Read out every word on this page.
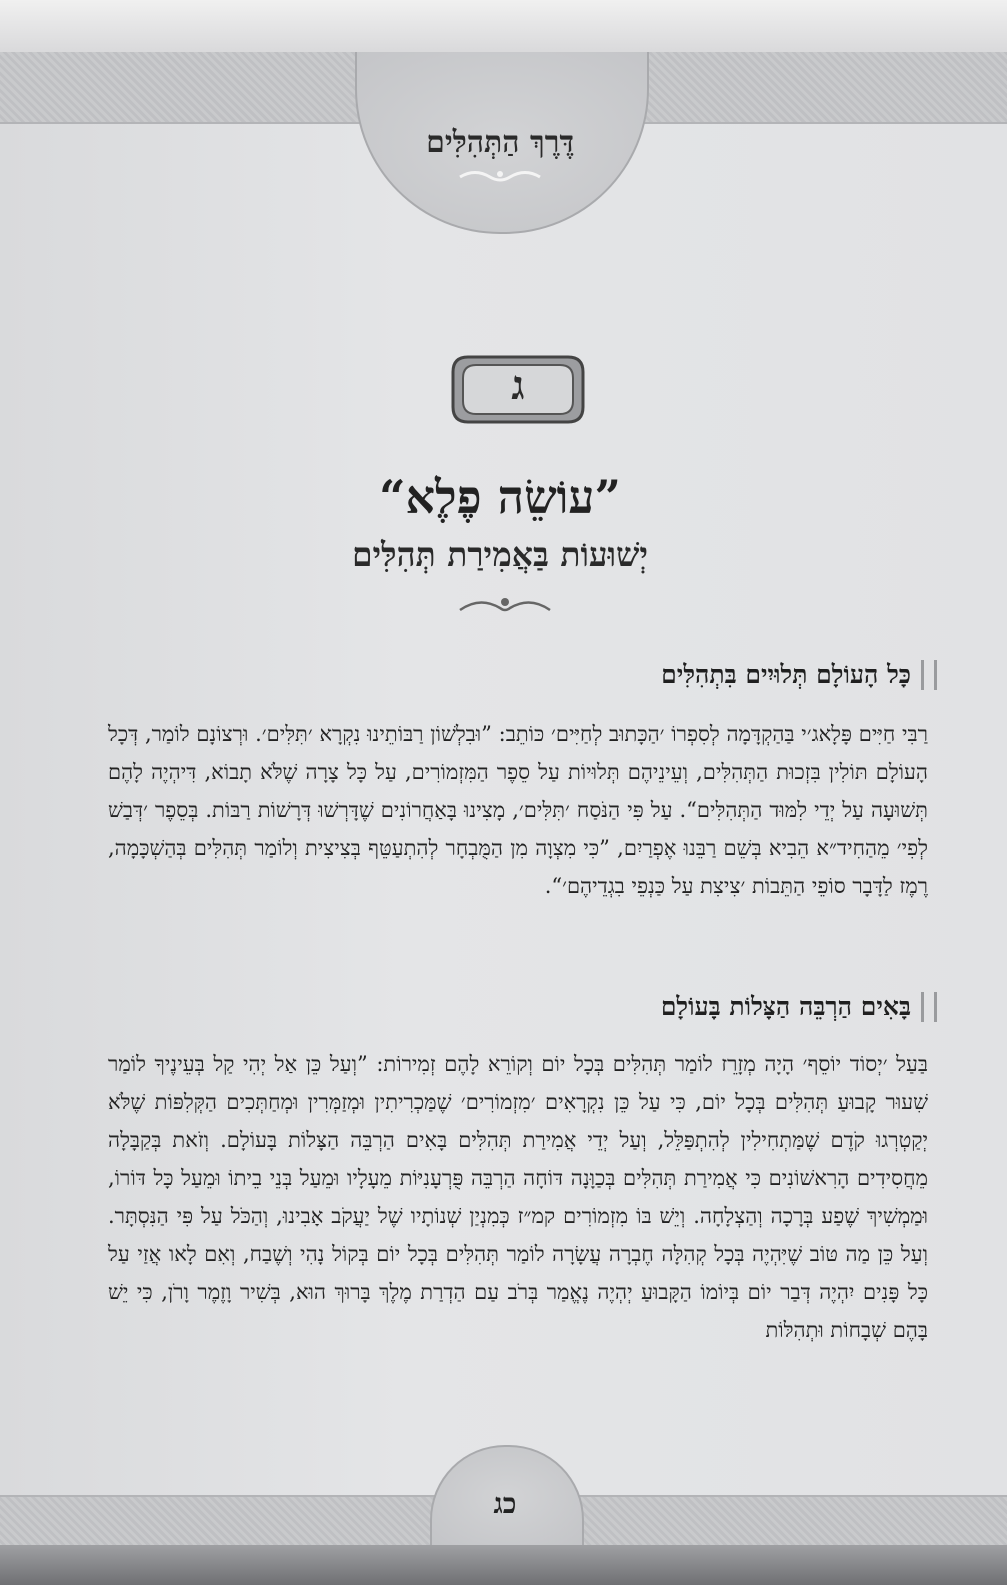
דֶּרֶךְ הַתְּהִלִּים
ג
”עוֹשֵׂה פֶלֶא“
יְשׁוּעוֹת בַּאֲמִירַת תְּהִלִּים
כָּל הָעוֹלָם תְּלוּיִים בִּתְהִלִּים
רַבִּי חַיִּים פָּלָאג׳י בַּהַקְדָּמָה לְסִפְרוֹ ׳הַכָּתוּב לְחַיִּים׳ כּוֹתֵב: ”וּבִלְשׁוֹן רַבּוֹתֵינוּ נִקְרָא ׳תִּלִּים׳. וּרְצוֹנָם לוֹמַר, דְּכָל הָעוֹלָם תּוֹלִין בִּזְכוּת הַתְּהִלִּים, וְעֵינֵיהֶם תְּלוּיוֹת עַל סֵפֶר הַמִּזְמוֹרִים, עַל כָּל צָרָה שֶׁלֹּא תָבוֹא, דִּיהְיֶה לָהֶם תְּשׁוּעָה עַל יְדֵי לִמּוּד הַתְּהִלִּים“. עַל פִּי הַנֹּסַח ׳תִּלִּים׳, מָצִינוּ בָּאַחֲרוֹנִים שֶׁדָּרְשׁוּ דְּרָשׁוֹת רַבּוֹת. בְּסֵפֶר ׳דְּבַשׁ לְפִי׳ מֵהַחִיד״א הֵבִיא בְּשֵׁם רַבֵּנוּ אֶפְרַיִם, ”כִּי מִצְוָה מִן הַמֻּבְחָר לְהִתְעַטֵּף בְּצִיצִית וְלוֹמַר תְּהִלִּים בְּהַשְׁכָּמָה, רֶמֶז לַדָּבָר סוֹפֵי הַתֵּבוֹת ׳צִיצִת עַל כַּנְפֵי בִגְדֵיהֶם׳“.
בָּאִים הַרְבֵּה הַצָּלוֹת בָּעוֹלָם
בַּעַל ׳יְסוֹד יוֹסֵף׳ הָיָה מְזָרֵז לוֹמַר תְּהִלִּים בְּכָל יוֹם וְקוֹרֵא לָהֶם זְמִירוֹת: ”וְעַל כֵּן אַל יְהִי קַל בְּעֵינֶיךָ לוֹמַר שִׁעוּר קָבוּעַ תְּהִלִּים בְּכָל יוֹם, כִּי עַל כֵּן נִקְרָאִים ׳מִזְמוֹרִים׳ שֶׁמַּכְרִיתִין וּמְזַמְּרִין וּמְחַתְּכִים הַקְּלִפּוֹת שֶׁלֹּא יְקַטְרְגוּ קֹדֶם שֶׁמַּתְחִילִין לְהִתְפַּלֵּל, וְעַל יְדֵי אֲמִירַת תְּהִלִּים בָּאִים הַרְבֵּה הַצָּלוֹת בָּעוֹלָם. וְזֹאת בְּקַבָּלָה מֵחֲסִידִים הָרִאשׁוֹנִים כִּי אֲמִירַת תְּהִלִּים בְּכַוָּנָה דּוֹחָה הַרְבֵּה פֻּרְעָנִיּוֹת מֵעָלָיו וּמֵעַל בְּנֵי בֵיתוֹ וּמֵעַל כָּל דּוֹרוֹ, וּמַמְשִׁיךְ שֶׁפַע בְּרָכָה וְהַצְלָחָה. וְיֵשׁ בּוֹ מִזְמוֹרִים קמ״ז כְּמִנְיַן שְׁנוֹתָיו שֶׁל יַעֲקֹב אָבִינוּ, וְהַכֹּל עַל פִּי הַנִּסְתָּר. וְעַל כֵּן מַה טּוֹב שֶׁיִּהְיֶה בְּכָל קְהִלָּה חֶבְרָה עֲשָׂרָה לוֹמַר תְּהִלִּים בְּכָל יוֹם בְּקוֹל נָהִי וְשֶׁבַח, וְאִם לָאו אֲזַי עַל כָּל פָּנִים יִהְיֶה דְּבַר יוֹם בְּיוֹמוֹ הַקָּבוּעַ יְהְיֶה נֶאֱמַר בְּרֹב עַם הַדְרַת מֶלֶךְ בָּרוּךְ הוּא, בְּשִׁיר וָזֶמֶר וָרֹן, כִּי יֵשׁ בָּהֶם שְׁבָחוֹת וּתְהִלּוֹת
כג
